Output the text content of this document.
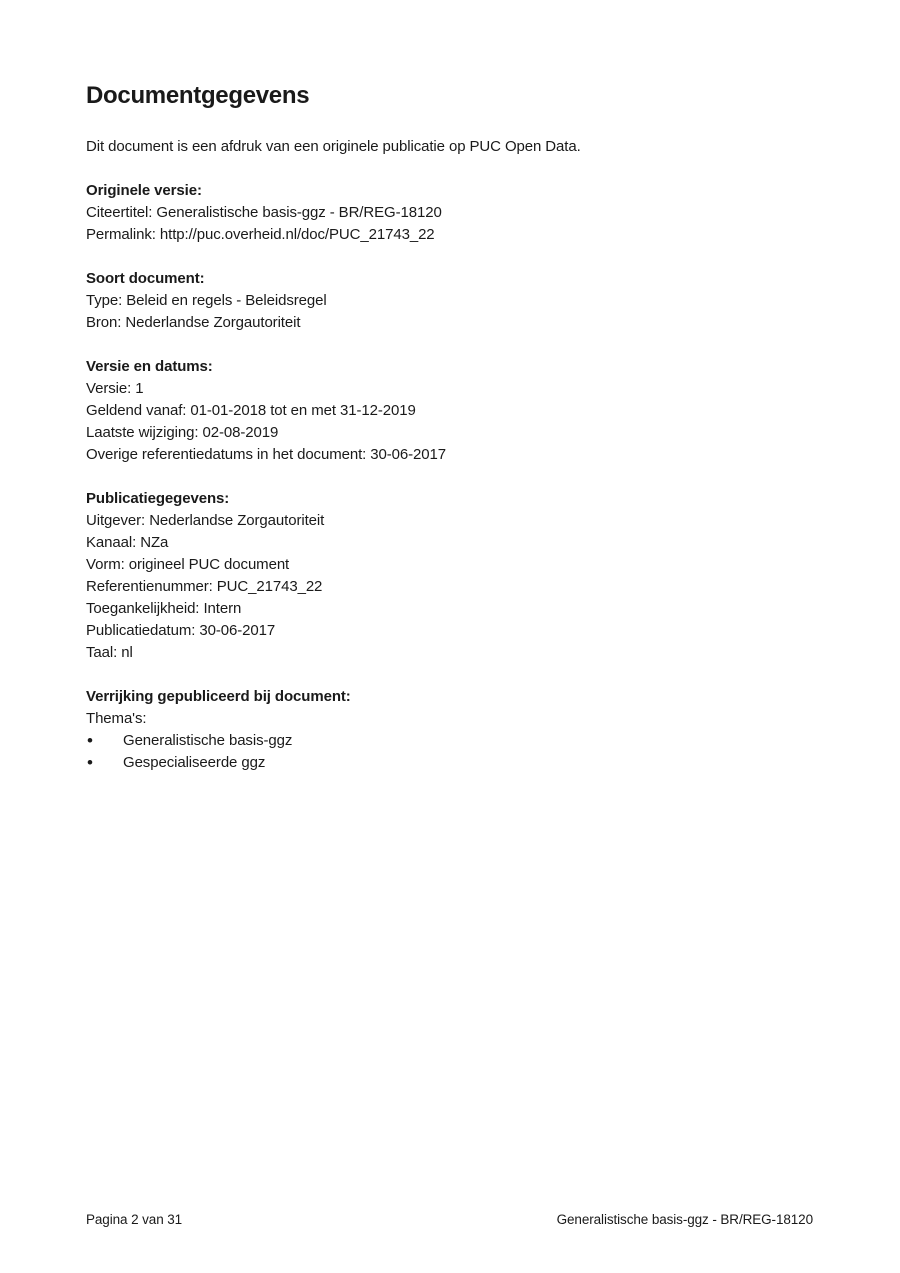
Documentgegevens

Dit document is een afdruk van een originele publicatie op PUC Open Data.

Originele versie:

Citeertitel: Generalistische basis-ggz - BR/REG-18120

Permalink: http://puc.overheid.nl/doc/PUC_21743_22

Soort document:

Type: Beleid en regels - Beleidsregel

Bron: Nederlandse Zorgautoriteit

Versie en datums:

Versie: 1

Geldend vanaf: 01-01-2018 tot en met 31-12-2019

Laatste wijziging: 02-08-2019

Overige referentiedatums in het document: 30-06-2017

Publicatiegegevens:

Uitgever: Nederlandse Zorgautoriteit

Kanaal: NZa

Vorm: origineel PUC document

Referentienummer: PUC_21743_22

Toegankelijkheid: Intern

Publicatiedatum: 30-06-2017

Taal: nl

Verrijking gepubliceerd bij document:

Thema's:

• Generalistische basis-ggz
• Gespecialiseerde ggz
Pagina 2 van 31	Generalistische basis-ggz - BR/REG-18120
